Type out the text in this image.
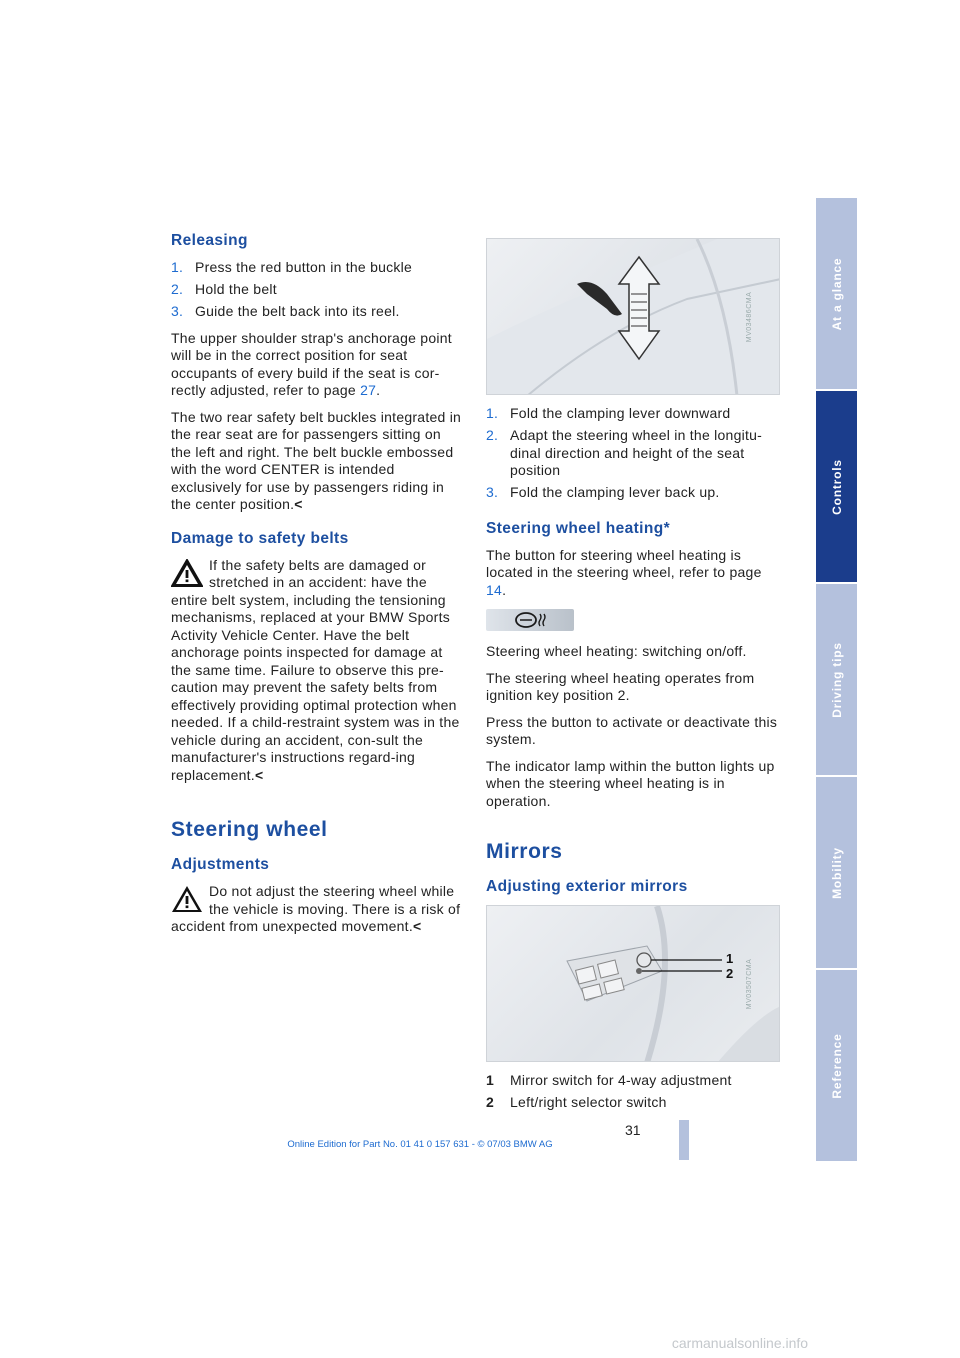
Releasing
1. Press the red button in the buckle
2. Hold the belt
3. Guide the belt back into its reel.

The upper shoulder strap's anchorage point will be in the correct position for seat occupants of every build if the seat is cor-rectly adjusted, refer to page 27.

The two rear safety belt buckles integrated in the rear seat are for passengers sitting on the left and right. The belt buckle embossed with the word CENTER is intended exclusively for use by passengers riding in the center position.<

Damage to safety belts
If the safety belts are damaged or stretched in an accident: have the entire belt system, including the tensioning mechanisms, replaced at your BMW Sports Activity Vehicle Center. Have the belt anchorage points inspected for damage at the same time. Failure to observe this pre-caution may prevent the safety belts from effectively providing optimal protection when needed. If a child-restraint system was in the vehicle during an accident, con-sult the manufacturer's instructions regard-ing replacement.<
Steering wheel
Adjustments
Do not adjust the steering wheel while the vehicle is moving. There is a risk of accident from unexpected movement.<
MV03486CMA
1. Fold the clamping lever downward
2. Adapt the steering wheel in the longitu-dinal direction and height of the seat position
3. Fold the clamping lever back up.
Steering wheel heating*

The button for steering wheel heating is located in the steering wheel, refer to page 14.

Steering wheel heating: switching on/off.

The steering wheel heating operates from ignition key position 2.

Press the button to activate or deactivate this system.

The indicator lamp within the button lights up when the steering wheel heating is in operation.

Mirrors
Adjusting exterior mirrors
1
2 MV03507CMA
1	Mirror switch for 4-way adjustment
2	Left/right selector switch
At a glance
Controls
Driving tips
Mobility
Reference
31
Online Edition for Part No. 01 41 0 157 631 - © 07/03 BMW AG
carmanualsonline.info
